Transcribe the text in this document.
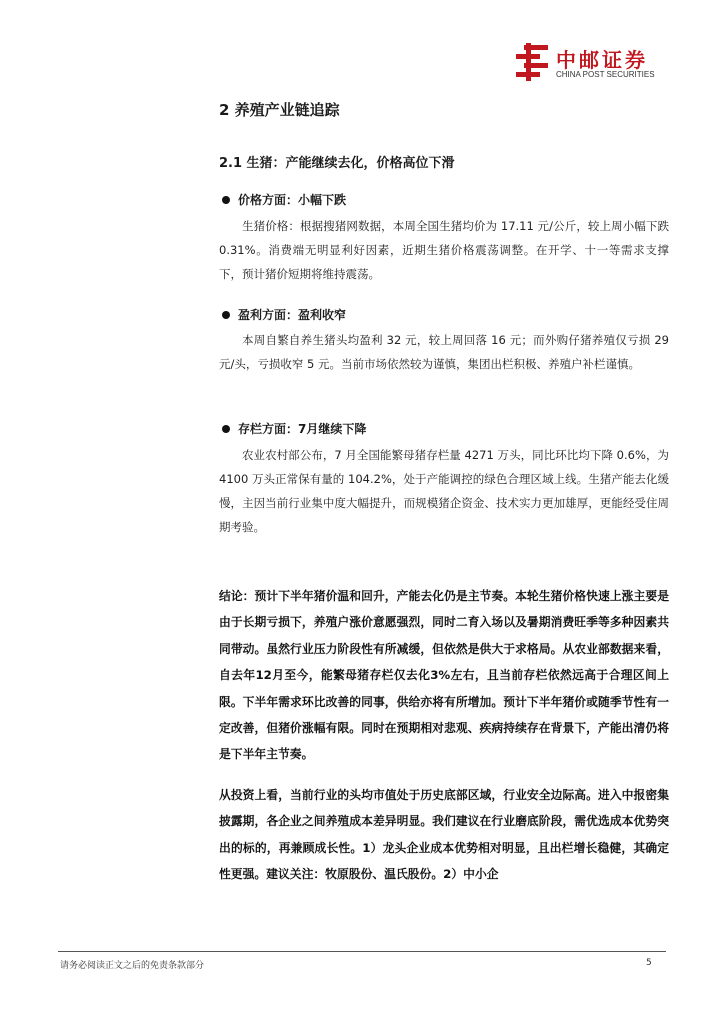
中邮证券
CHINA POST SECURITIES
2 养殖产业链追踪
2.1 生猪：产能继续去化，价格高位下滑
价格方面：小幅下跌
生猪价格：根据搜猪网数据，本周全国生猪均价为 17.11 元/公斤，较上周小幅下跌 0.31%。消费端无明显利好因素，近期生猪价格震荡调整。在开学、十一等需求支撑下，预计猪价短期将维持震荡。
盈利方面：盈利收窄
本周自繁自养生猪头均盈利 32 元，较上周回落 16 元；而外购仔猪养殖仅亏损 29 元/头，亏损收窄 5 元。当前市场依然较为谨慎，集团出栏积极、养殖户补栏谨慎。
存栏方面：7月继续下降
农业农村部公布，7 月全国能繁母猪存栏量 4271 万头，同比环比均下降 0.6%，为 4100 万头正常保有量的 104.2%，处于产能调控的绿色合理区域上线。生猪产能去化缓慢，主因当前行业集中度大幅提升，而规模猪企资金、技术实力更加雄厚，更能经受住周期考验。
结论：预计下半年猪价温和回升，产能去化仍是主节奏。本轮生猪价格快速上涨主要是由于长期亏损下，养殖户涨价意愿强烈，同时二育入场以及暑期消费旺季等多种因素共同带动。虽然行业压力阶段性有所减缓，但依然是供大于求格局。从农业部数据来看，自去年12月至今，能繁母猪存栏仅去化3%左右，且当前存栏依然远高于合理区间上限。下半年需求环比改善的同事，供给亦将有所增加。预计下半年猪价或随季节性有一定改善，但猪价涨幅有限。同时在预期相对悲观、疾病持续存在背景下，产能出清仍将是下半年主节奏。
从投资上看，当前行业的头均市值处于历史底部区域，行业安全边际高。进入中报密集披露期，各企业之间养殖成本差异明显。我们建议在行业磨底阶段，需优选成本优势突出的标的，再兼顾成长性。1）龙头企业成本优势相对明显，且出栏增长稳健，其确定性更强。建议关注：牧原股份、温氏股份。2）中小企
请务必阅读正文之后的免责条款部分	5
